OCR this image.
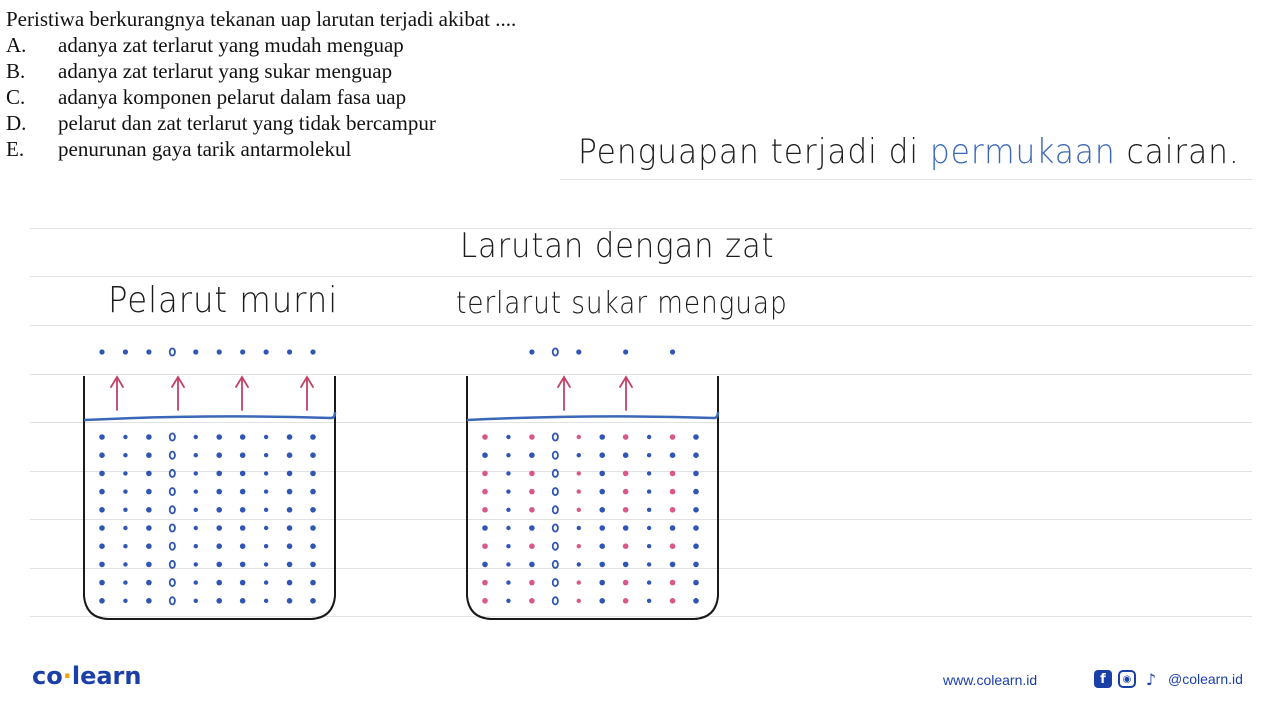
Peristiwa berkurangnya tekanan uap larutan terjadi akibat ....

A.	adanya zat terlarut yang mudah menguap
B.	adanya zat terlarut yang sukar menguap
C.	adanya komponen pelarut dalam fasa uap
D.	pelarut dan zat terlarut yang tidak bercampur
E.	penurunan gaya tarik antarmolekul	Penguapan terjadi di permukaan cairan.
Pelarut murni
Larutan dengan zat
terlarut sukar menguap
co·learn	www.colearn.id	f	◉ ♪ @colearn.id
